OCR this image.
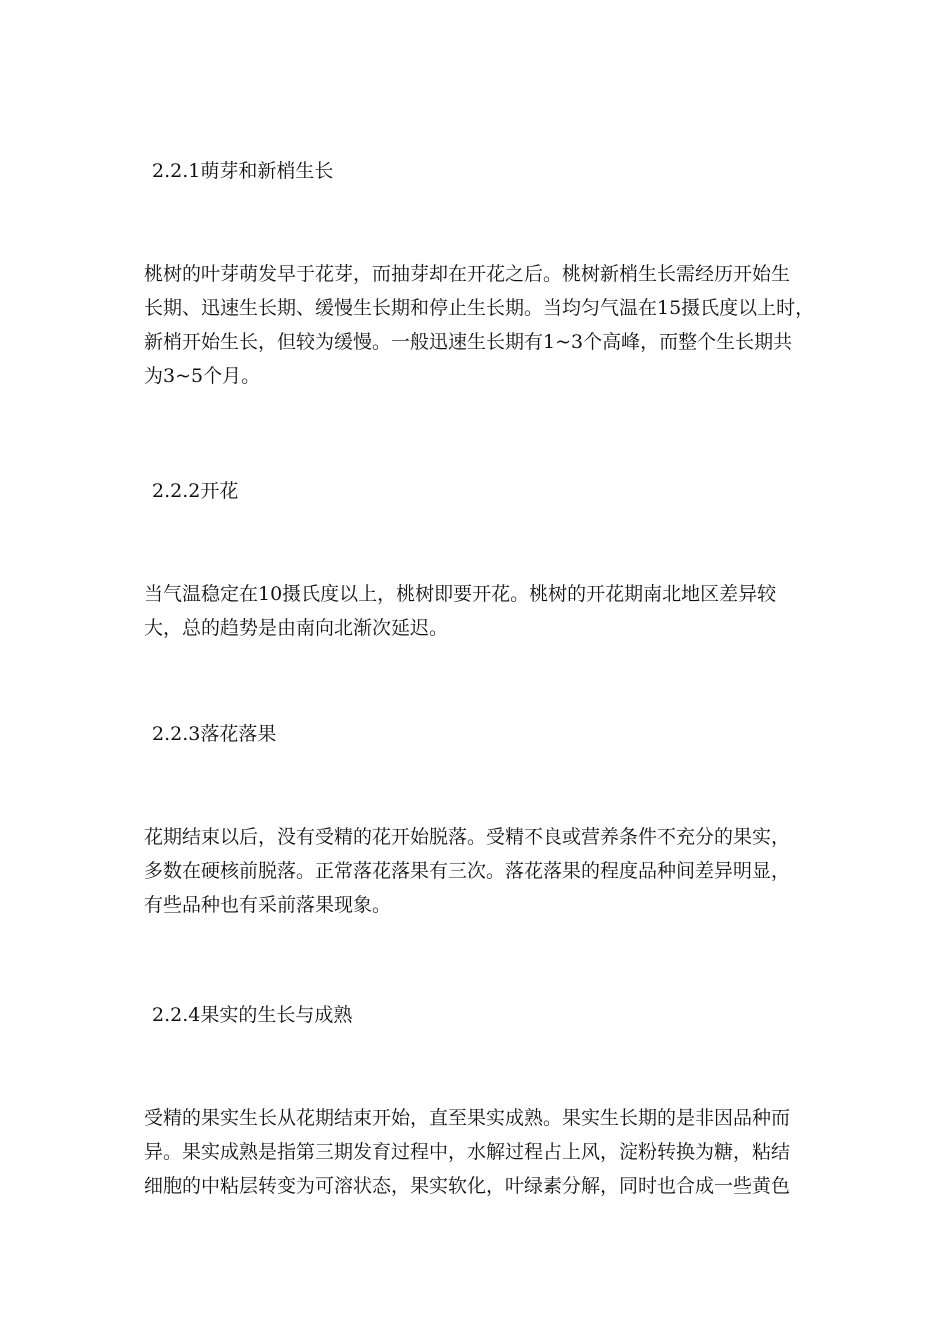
2.2.1萌芽和新梢生长
桃树的叶芽萌发早于花芽，而抽芽却在开花之后。桃树新梢生长需经历开始生
长期、迅速生长期、缓慢生长期和停止生长期。当均匀气温在15摄氏度以上时，
新梢开始生长，但较为缓慢。一般迅速生长期有1~3个高峰，而整个生长期共
为3~5个月。
2.2.2开花
当气温稳定在10摄氏度以上，桃树即要开花。桃树的开花期南北地区差异较
大，总的趋势是由南向北渐次延迟。
2.2.3落花落果
花期结束以后，没有受精的花开始脱落。受精不良或营养条件不充分的果实，
多数在硬核前脱落。正常落花落果有三次。落花落果的程度品种间差异明显，
有些品种也有采前落果现象。
2.2.4果实的生长与成熟
受精的果实生长从花期结束开始，直至果实成熟。果实生长期的是非因品种而
异。果实成熟是指第三期发育过程中，水解过程占上风，淀粉转换为糖，粘结
细胞的中粘层转变为可溶状态，果实软化，叶绿素分解，同时也合成一些黄色
